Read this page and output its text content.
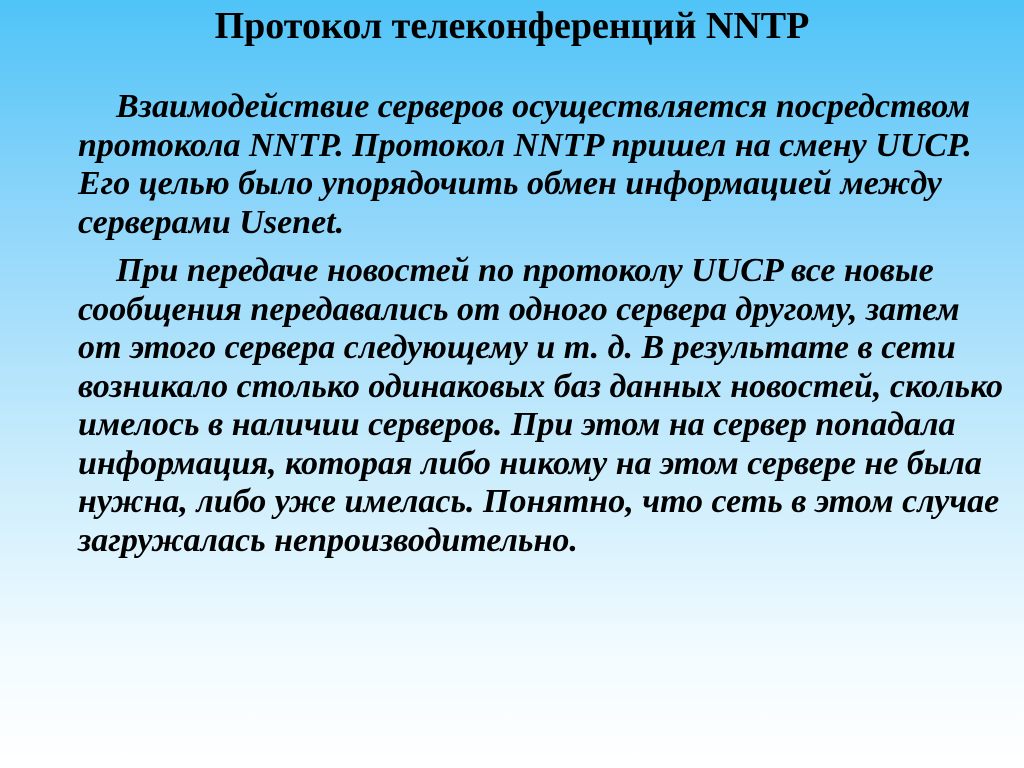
Протокол телеконференций NNTP

Взаимодействие серверов осуществляется посредством протокола NNTP. Протокол NNTP пришел на смену UUCP. Его целью было упорядочить обмен информацией между серверами Usenet.

При передаче новостей по протоколу UUCP все новые сообщения передавались от одного сервера другому, затем от этого сервера следующему и т. д. В результате в сети возникало столько одинаковых баз данных новостей, сколько имелось в наличии серверов. При этом на сервер попадала информация, которая либо никому на этом сервере не была нужна, либо уже имелась. Понятно, что сеть в этом случае загружалась непроизводительно.
